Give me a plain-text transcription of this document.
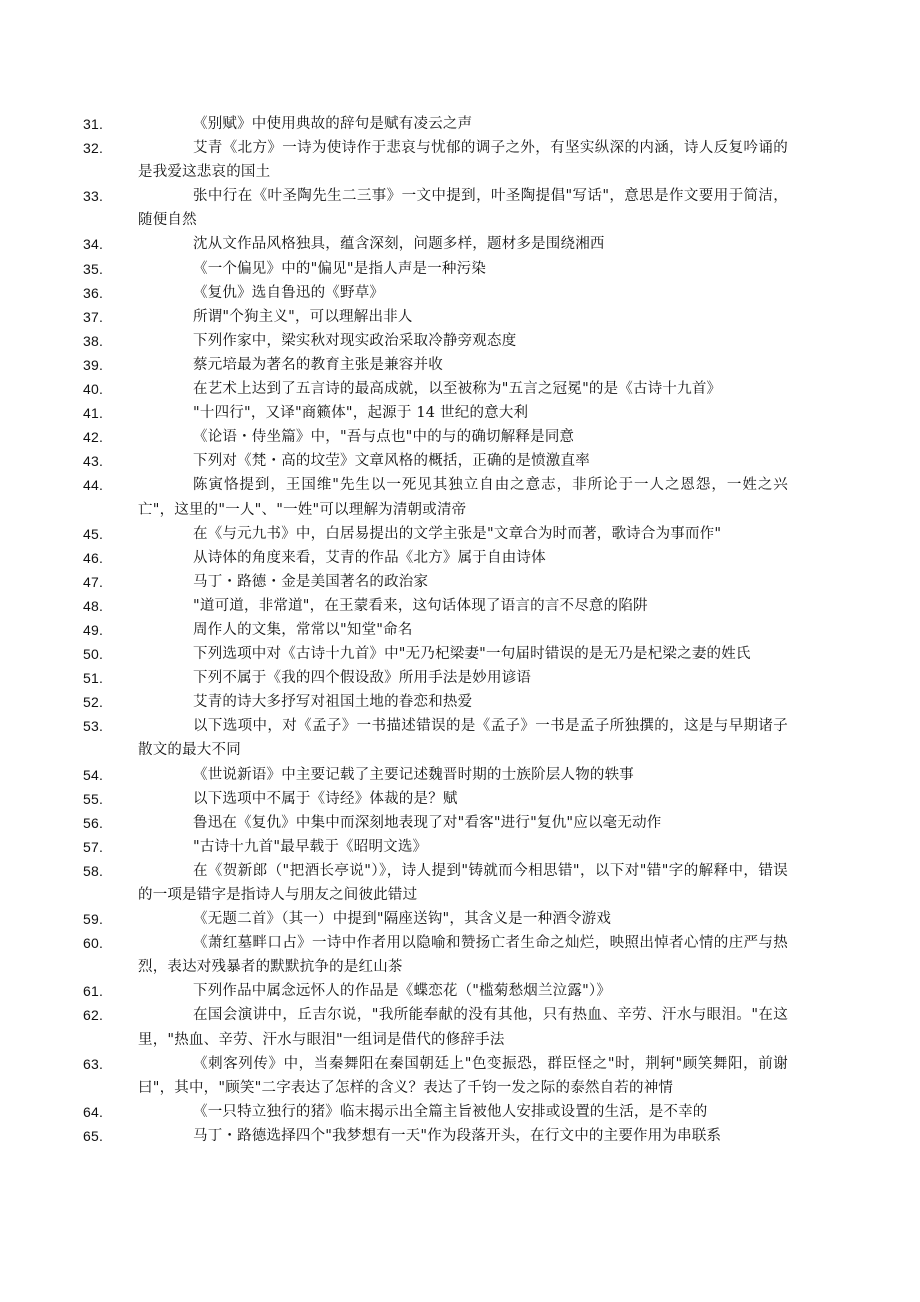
31.	《别赋》中使用典故的辞句是赋有凌云之声
32.	艾青《北方》一诗为使诗作于悲哀与忧郁的调子之外，有坚实纵深的内涵，诗人反复吟诵的是我爱这悲哀的国土
33.	张中行在《叶圣陶先生二三事》一文中提到，叶圣陶提倡"写话"，意思是作文要用于简洁，随便自然
34.	沈从文作品风格独具，蕴含深刻，问题多样，题材多是围绕湘西
35.	《一个偏见》中的"偏见"是指人声是一种污染
36.	《复仇》选自鲁迅的《野草》
37.	所谓"个狗主义"，可以理解出非人
38.	下列作家中，梁实秋对现实政治采取冷静旁观态度
39.	蔡元培最为著名的教育主张是兼容并收
40.	在艺术上达到了五言诗的最高成就，以至被称为"五言之冠冕"的是《古诗十九首》
41.	"十四行"，又译"商籁体"，起源于 14 世纪的意大利
42.	《论语・侍坐篇》中，"吾与点也"中的与的确切解释是同意
43.	下列对《梵・高的坟茔》文章风格的概括，正确的是愤激直率
44.	陈寅恪提到，王国维"先生以一死见其独立自由之意志，非所论于一人之恩怨，一姓之兴亡"，这里的"一人"、"一姓"可以理解为清朝或清帝
45.	在《与元九书》中，白居易提出的文学主张是"文章合为时而著，歌诗合为事而作"
46.	从诗体的角度来看，艾青的作品《北方》属于自由诗体
47.	马丁・路德・金是美国著名的政治家
48.	"道可道，非常道"，在王蒙看来，这句话体现了语言的言不尽意的陷阱
49.	周作人的文集，常常以"知堂"命名
50.	下列选项中对《古诗十九首》中"无乃杞梁妻"一句届时错误的是无乃是杞梁之妻的姓氏
51.	下列不属于《我的四个假设敌》所用手法是妙用谚语
52.	艾青的诗大多抒写对祖国土地的眷恋和热爱
53.	以下选项中，对《孟子》一书描述错误的是《孟子》一书是孟子所独撰的，这是与早期诸子散文的最大不同
54.	《世说新语》中主要记载了主要记述魏晋时期的士族阶层人物的轶事
55.	以下选项中不属于《诗经》体裁的是？赋
56.	鲁迅在《复仇》中集中而深刻地表现了对"看客"进行"复仇"应以毫无动作
57.	"古诗十九首"最早载于《昭明文选》
58.	在《贺新郎（"把酒长亭说"）》，诗人提到"铸就而今相思错"，以下对"错"字的解释中，错误的一项是错字是指诗人与朋友之间彼此错过
59.	《无题二首》（其一）中提到"隔座送钩"，其含义是一种酒令游戏
60.	《萧红墓畔口占》一诗中作者用以隐喻和赞扬亡者生命之灿烂，映照出悼者心情的庄严与热烈，表达对残暴者的默默抗争的是红山茶
61.	下列作品中属念远怀人的作品是《蝶恋花（"槛菊愁烟兰泣露"）》
62.	在国会演讲中，丘吉尔说，"我所能奉献的没有其他，只有热血、辛劳、汗水与眼泪。"在这里，"热血、辛劳、汗水与眼泪"一组词是借代的修辞手法
63.	《刺客列传》中，当秦舞阳在秦国朝廷上"色变振恐，群臣怪之"时，荆轲"顾笑舞阳，前谢曰"，其中，"顾笑"二字表达了怎样的含义？表达了千钧一发之际的泰然自若的神情
64.	《一只特立独行的猪》临末揭示出全篇主旨被他人安排或设置的生活，是不幸的
65.	马丁・路德选择四个"我梦想有一天"作为段落开头，在行文中的主要作用为串联系
